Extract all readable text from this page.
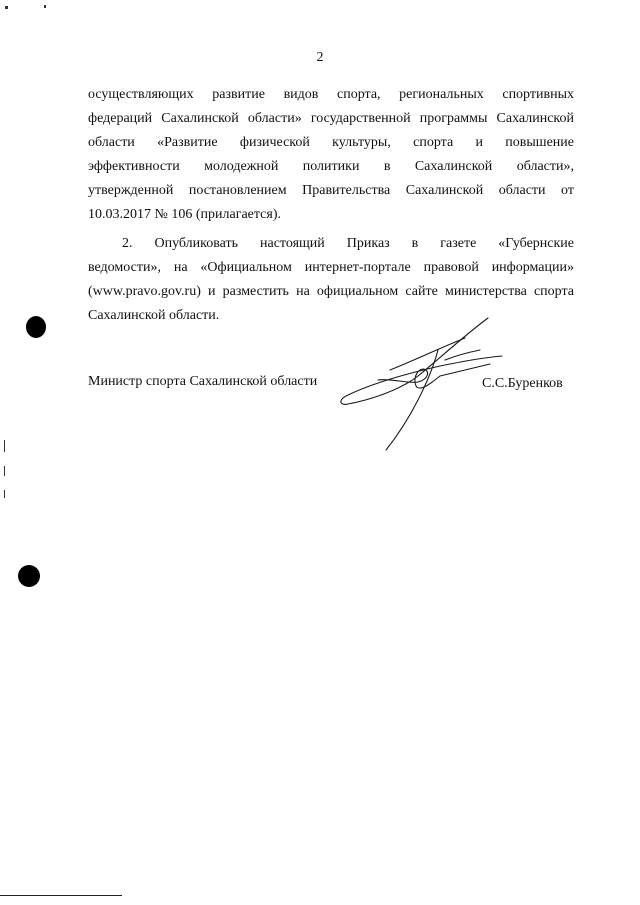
2
осуществляющих развитие видов спорта, региональных спортивных
федераций Сахалинской области» государственной программы Сахалинской
области «Развитие физической культуры, спорта и повышение
эффективности молодежной политики в Сахалинской области»,
утвержденной постановлением Правительства Сахалинской области от
10.03.2017 № 106 (прилагается).
2. Опубликовать настоящий Приказ в газете «Губернские
ведомости», на «Официальном интернет-портале правовой информации»
(www.pravo.gov.ru) и разместить на официальном сайте министерства спорта
Сахалинской области.
Министр спорта Сахалинской области	С.С.Буренков
